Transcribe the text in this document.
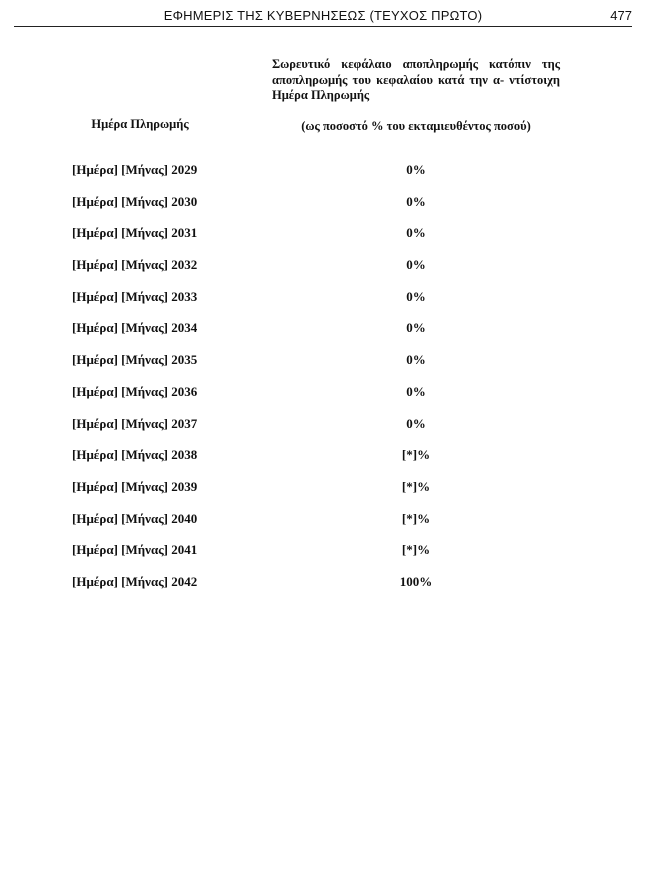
ΕΦΗΜΕΡΙΣ ΤΗΣ ΚΥΒΕΡΝΗΣΕΩΣ (ΤΕΥΧΟΣ ΠΡΩΤΟ)	477
Σωρευτικό κεφάλαιο αποπληρωμής κατόπιν της αποπληρωμής του κεφαλαίου κατά την α- ντίστοιχη Ημέρα Πληρωμής
Ημέρα Πληρωμής	(ως ποσοστό % του εκταμιευθέντος ποσού)
[Ημέρα] [Μήνας] 2029	0%
[Ημέρα] [Μήνας] 2030	0%
[Ημέρα] [Μήνας] 2031	0%
[Ημέρα] [Μήνας] 2032	0%
[Ημέρα] [Μήνας] 2033	0%
[Ημέρα] [Μήνας] 2034	0%
[Ημέρα] [Μήνας] 2035	0%
[Ημέρα] [Μήνας] 2036	0%
[Ημέρα] [Μήνας] 2037	0%
[Ημέρα] [Μήνας] 2038	[*]%
[Ημέρα] [Μήνας] 2039	[*]%
[Ημέρα] [Μήνας] 2040	[*]%
[Ημέρα] [Μήνας] 2041	[*]%
[Ημέρα] [Μήνας] 2042	100%
